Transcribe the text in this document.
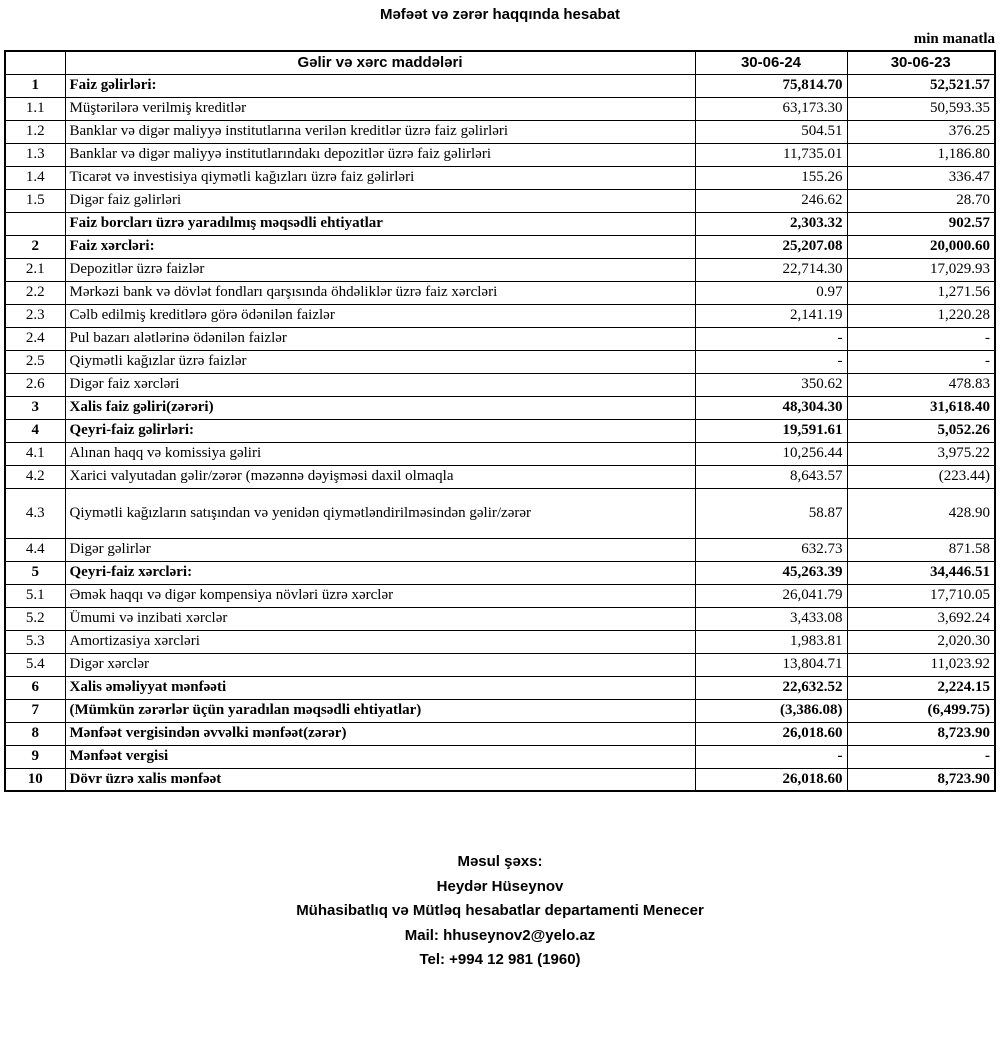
Məfəət və zərər haqqında hesabat
min manatla
	Gəlir və xərc maddələri	30-06-24	30-06-23
1	Faiz gəlirləri:	75,814.70	52,521.57
1.1	Müştərilərə verilmiş kreditlər	63,173.30	50,593.35
1.2	Banklar və digər maliyyə institutlarına verilən kreditlər üzrə faiz gəlirləri	504.51	376.25
1.3	Banklar və digər maliyyə institutlarındakı depozitlər üzrə faiz gəlirləri	11,735.01	1,186.80
1.4	Ticarət və investisiya qiymətli kağızları üzrə faiz gəlirləri	155.26	336.47
1.5	Digər faiz gəlirləri	246.62	28.70
	Faiz borcları üzrə yaradılmış məqsədli ehtiyatlar	2,303.32	902.57
2	Faiz xərcləri:	25,207.08	20,000.60
2.1	Depozitlər üzrə faizlər	22,714.30	17,029.93
2.2	Mərkəzi bank və dövlət fondları qarşısında öhdəliklər üzrə faiz xərcləri	0.97	1,271.56
2.3	Cəlb edilmiş kreditlərə görə ödənilən faizlər	2,141.19	1,220.28
2.4	Pul bazarı alətlərinə ödənilən faizlər	-	-
2.5	Qiymətli kağızlar üzrə faizlər	-	-
2.6	Digər faiz xərcləri	350.62	478.83
3	Xalis faiz gəliri(zərəri)	48,304.30	31,618.40
4	Qeyri-faiz gəlirləri:	19,591.61	5,052.26
4.1	Alınan haqq və komissiya gəliri	10,256.44	3,975.22
4.2	Xarici valyutadan gəlir/zərər (məzənnə dəyişməsi daxil olmaqla	8,643.57	(223.44)
4.3	Qiymətli kağızların satışından və yenidən qiymətləndirilməsindən gəlir/zərər	58.87	428.90
4.4	Digər gəlirlər	632.73	871.58
5	Qeyri-faiz xərcləri:	45,263.39	34,446.51
5.1	Əmək haqqı və digər kompensiya növləri üzrə xərclər	26,041.79	17,710.05
5.2	Ümumi və inzibati xərclər	3,433.08	3,692.24
5.3	Amortizasiya xərcləri	1,983.81	2,020.30
5.4	Digər xərclər	13,804.71	11,023.92
6	Xalis əməliyyat mənfəəti	22,632.52	2,224.15
7	(Mümkün zərərlər üçün yaradılan məqsədli ehtiyatlar)	(3,386.08)	(6,499.75)
8	Mənfəət vergisindən əvvəlki mənfəət(zərər)	26,018.60	8,723.90
9	Mənfəət vergisi	-	-
10	Dövr üzrə xalis mənfəət	26,018.60	8,723.90
Məsul şəxs:
Heydər Hüseynov
Mühasibatlıq və Mütləq hesabatlar departamenti Menecer
Mail: hhuseynov2@yelo.az
Tel: +994 12 981 (1960)
